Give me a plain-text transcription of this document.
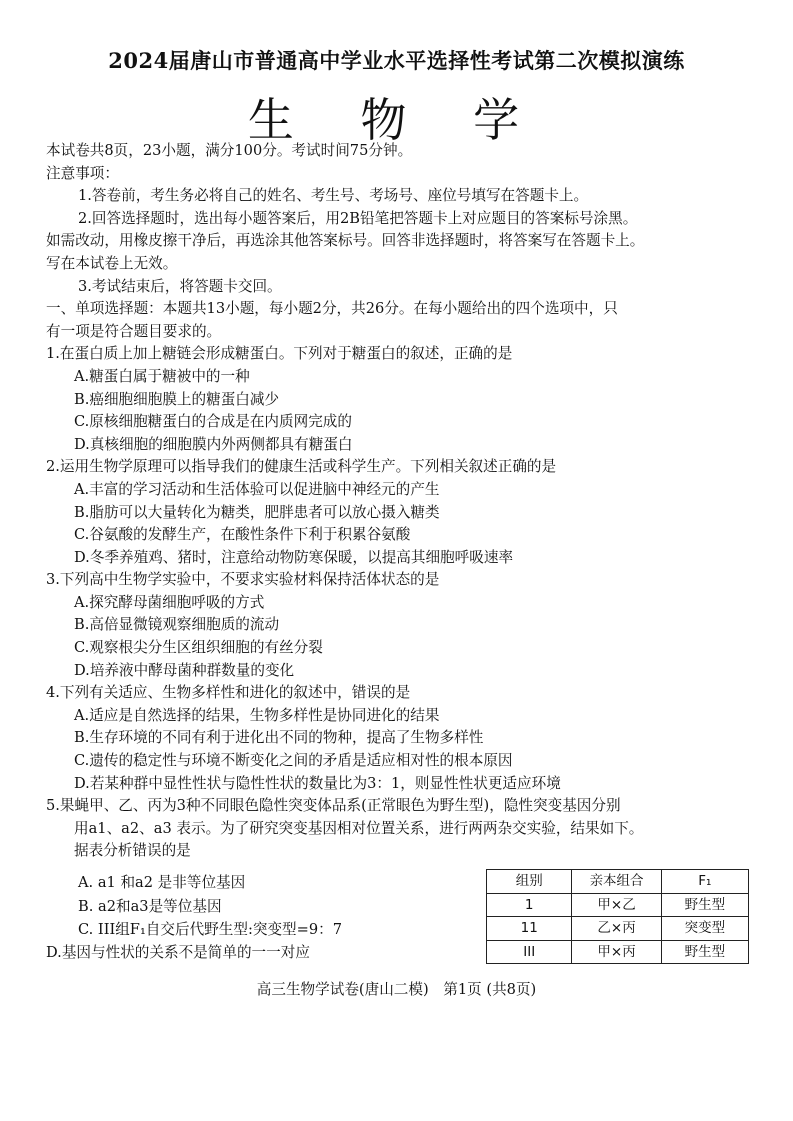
2024届唐山市普通高中学业水平选择性考试第二次模拟演练
生 物 学
本试卷共8页，23小题，满分100分。考试时间75分钟。
注意事项：
1.答卷前，考生务必将自己的姓名、考生号、考场号、座位号填写在答题卡上。
2.回答选择题时，选出每小题答案后，用2B铅笔把答题卡上对应题目的答案标号涂黑。
如需改动，用橡皮擦干净后，再选涂其他答案标号。回答非选择题时，将答案写在答题卡上。
写在本试卷上无效。
3.考试结束后，将答题卡交回。
一、单项选择题：本题共13小题，每小题2分，共26分。在每小题给出的四个选项中，只
有一项是符合题目要求的。
1.在蛋白质上加上糖链会形成糖蛋白。下列对于糖蛋白的叙述，正确的是
A.糖蛋白属于糖被中的一种
B.癌细胞细胞膜上的糖蛋白减少
C.原核细胞糖蛋白的合成是在内质网完成的
D.真核细胞的细胞膜内外两侧都具有糖蛋白
2.运用生物学原理可以指导我们的健康生活或科学生产。下列相关叙述正确的是
A.丰富的学习活动和生活体验可以促进脑中神经元的产生
B.脂肪可以大量转化为糖类，肥胖患者可以放心摄入糖类
C.谷氨酸的发酵生产，在酸性条件下利于积累谷氨酸
D.冬季养殖鸡、猪时，注意给动物防寒保暖，以提高其细胞呼吸速率
3.下列高中生物学实验中，不要求实验材料保持活体状态的是
A.探究酵母菌细胞呼吸的方式
B.高倍显微镜观察细胞质的流动
C.观察根尖分生区组织细胞的有丝分裂
D.培养液中酵母菌种群数量的变化
4.下列有关适应、生物多样性和进化的叙述中，错误的是
A.适应是自然选择的结果，生物多样性是协同进化的结果
B.生存环境的不同有利于进化出不同的物种，提高了生物多样性
C.遗传的稳定性与环境不断变化之间的矛盾是适应相对性的根本原因
D.若某种群中显性性状与隐性性状的数量比为3：1，则显性性状更适应环境
5.果蝇甲、乙、丙为3种不同眼色隐性突变体品系(正常眼色为野生型)，隐性突变基因分别
用a1、a2、a3 表示。为了研究突变基因相对位置关系，进行两两杂交实验，结果如下。
据表分析错误的是
A. a1 和a2 是非等位基因
B. a2和a3是等位基因
C. III组F₁自交后代野生型:突变型=9：7
D.基因与性状的关系不是简单的一一对应
组别	亲本组合	F₁
1	甲×乙	野生型
11	乙×丙	突变型
III	甲×丙	野生型
高三生物学试卷(唐山二模)　第1页 (共8页)
